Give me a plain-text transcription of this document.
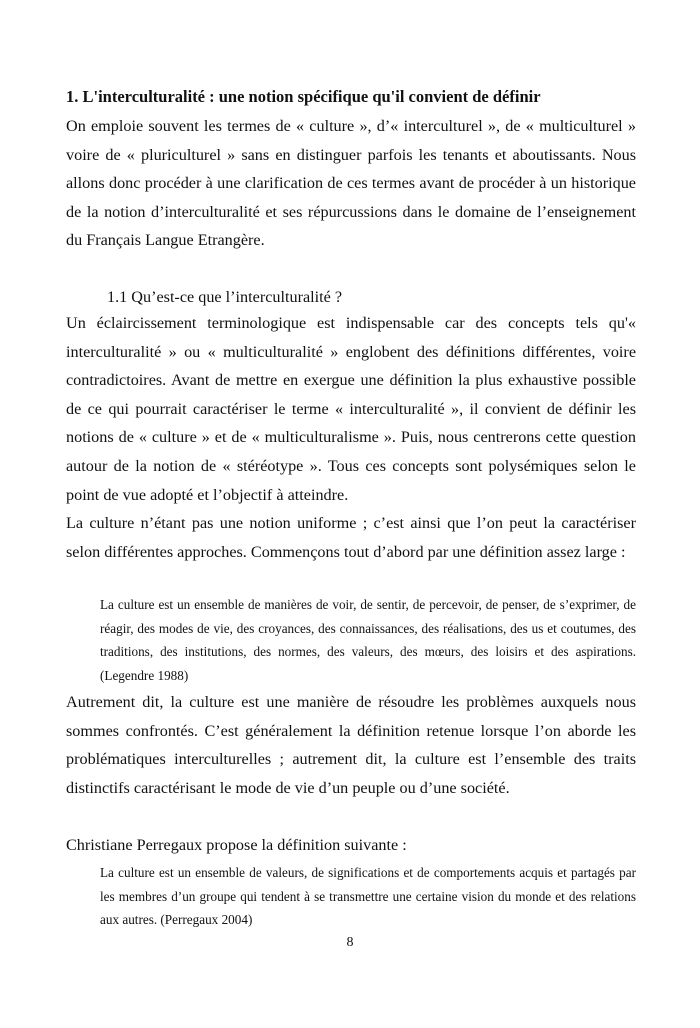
1. L'interculturalité : une notion spécifique qu'il convient de définir

On emploie souvent les termes de « culture », d’« interculturel », de « multiculturel » voire de « pluriculturel » sans en distinguer parfois les tenants et aboutissants. Nous allons donc procéder à une clarification de ces termes avant de procéder à un historique de la notion d’interculturalité et ses répurcussions dans le domaine de l’enseignement du Français Langue Etrangère.

1.1 Qu’est-ce que l’interculturalité ?

Un éclaircissement terminologique est indispensable car des concepts tels qu'« interculturalité » ou « multiculturalité » englobent des définitions différentes, voire contradictoires. Avant de mettre en exergue une définition la plus exhaustive possible de ce qui pourrait caractériser le terme « interculturalité », il convient de définir les notions de « culture » et de « multiculturalisme ». Puis, nous centrerons cette question autour de la notion de « stéréotype ». Tous ces concepts sont polysémiques selon le point de vue adopté et l’objectif à atteindre.

La culture n’étant pas une notion uniforme ; c’est ainsi que l’on peut la caractériser selon différentes approches. Commençons tout d’abord par une définition assez large :

La culture est un ensemble de manières de voir, de sentir, de percevoir, de penser, de s’exprimer, de réagir, des modes de vie, des croyances, des connaissances, des réalisations, des us et coutumes, des traditions, des institutions, des normes, des valeurs, des mœurs, des loisirs et des aspirations. (Legendre 1988)

Autrement dit, la culture est une manière de résoudre les problèmes auxquels nous sommes confrontés. C’est généralement la définition retenue lorsque l’on aborde les problématiques interculturelles ; autrement dit, la culture est l’ensemble des traits distinctifs caractérisant le mode de vie d’un peuple ou d’une société.

Christiane Perregaux propose la définition suivante :

La culture est un ensemble de valeurs, de significations et de comportements acquis et partagés par les membres d’un groupe qui tendent à se transmettre une certaine vision du monde et des relations aux autres. (Perregaux 2004)

8
